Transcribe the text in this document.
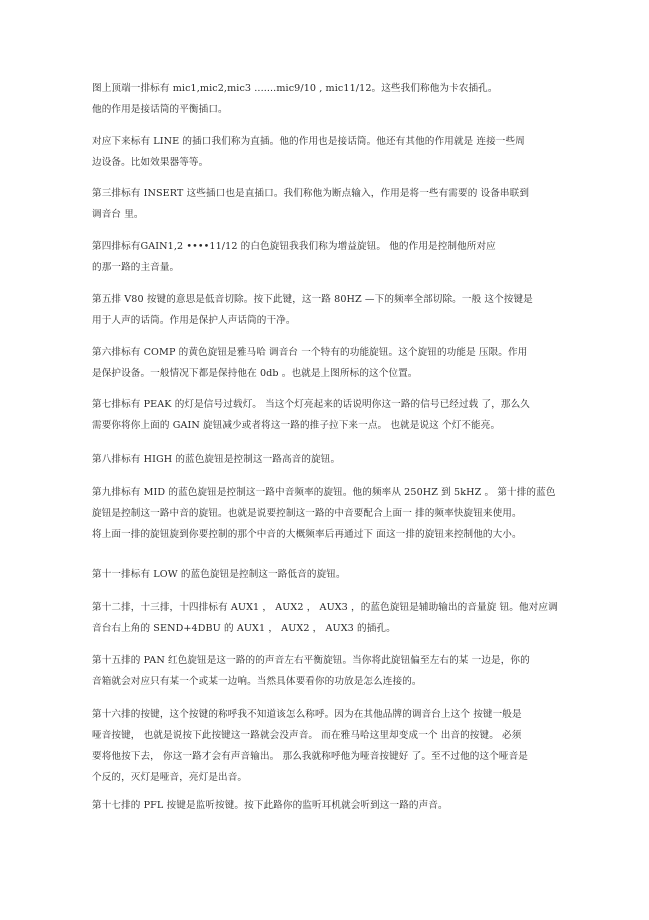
图上顶端一排标有 mic1,mic2,mic3 .......mic9/10 , mic11/12。这些我们称他为卡农插孔。
他的作用是接话筒的平衡插口。
对应下来标有 LINE 的插口我们称为直插。他的作用也是接话筒。他还有其他的作用就是 连接一些周
边设备。比如效果器等等。
第三排标有 INSERT 这些插口也是直插口。我们称他为断点输入，作用是将一些有需要的 设备串联到
调音台 里。
第四排标有GAIN1,2 ••••11/12 的白色旋钮我我们称为增益旋钮。 他的作用是控制他所对应
的那一路的主音量。
第五排 V80 按键的意思是低音切除。按下此键，这一路 80HZ —下的频率全部切除。一般 这个按键是
用于人声的话筒。作用是保护人声话筒的干净。
第六排标有 COMP 的黄色旋钮是雅马哈 调音台 一个特有的功能旋钮。这个旋钮的功能是 压限。作用
是保护设备。一般情况下都是保持他在 0db 。也就是上图所标的这个位置。
第七排标有 PEAK 的灯是信号过载灯。 当这个灯亮起来的话说明你这一路的信号已经过载 了，那么久
需要你将你上面的 GAIN 旋钮减少或者将这一路的推子拉下来一点。 也就是说这 个灯不能亮。
第八排标有 HIGH 的蓝色旋钮是控制这一路高音的旋钮。
第九排标有 MID 的蓝色旋钮是控制这一路中音频率的旋钮。他的频率从 250HZ 到 5kHZ 。 第十排的蓝色
旋钮是控制这一路中音的旋钮。也就是说要控制这一路的中音要配合上面一 排的频率快旋钮来使用。
将上面一排的旋钮旋到你要控制的那个中音的大概频率后再通过下 面这一排的旋钮来控制他的大小。
第十一排标有 LOW 的蓝色旋钮是控制这一路低音的旋钮。
第十二排，十三排，十四排标有 AUX1 ， AUX2 ， AUX3 ，的蓝色旋钮是辅助输出的音量旋 钮。他对应调
音台右上角的 SEND+4DBU 的 AUX1 ， AUX2 ， AUX3 的插孔。
第十五排的 PAN 红色旋钮是这一路的的声音左右平衡旋钮。当你将此旋钮偏至左右的某 一边是，你的
音箱就会对应只有某一个或某一边响。当然具体要看你的功放是怎么连接的。
第十六排的按键，这个按键的称呼我不知道该怎么称呼。因为在其他品牌的调音台上这个 按键一般是
哑音按键， 也就是说按下此按键这一路就会没声音。 而在雅马哈这里却变成一个 出音的按键。 必须
要将他按下去， 你这一路才会有声音输出。 那么我就称呼他为哑音按键好 了。至不过他的这个哑音是
个反的，灭灯是哑音，亮灯是出音。
第十七排的 PFL 按键是监听按键。按下此路你的监听耳机就会听到这一路的声音。
